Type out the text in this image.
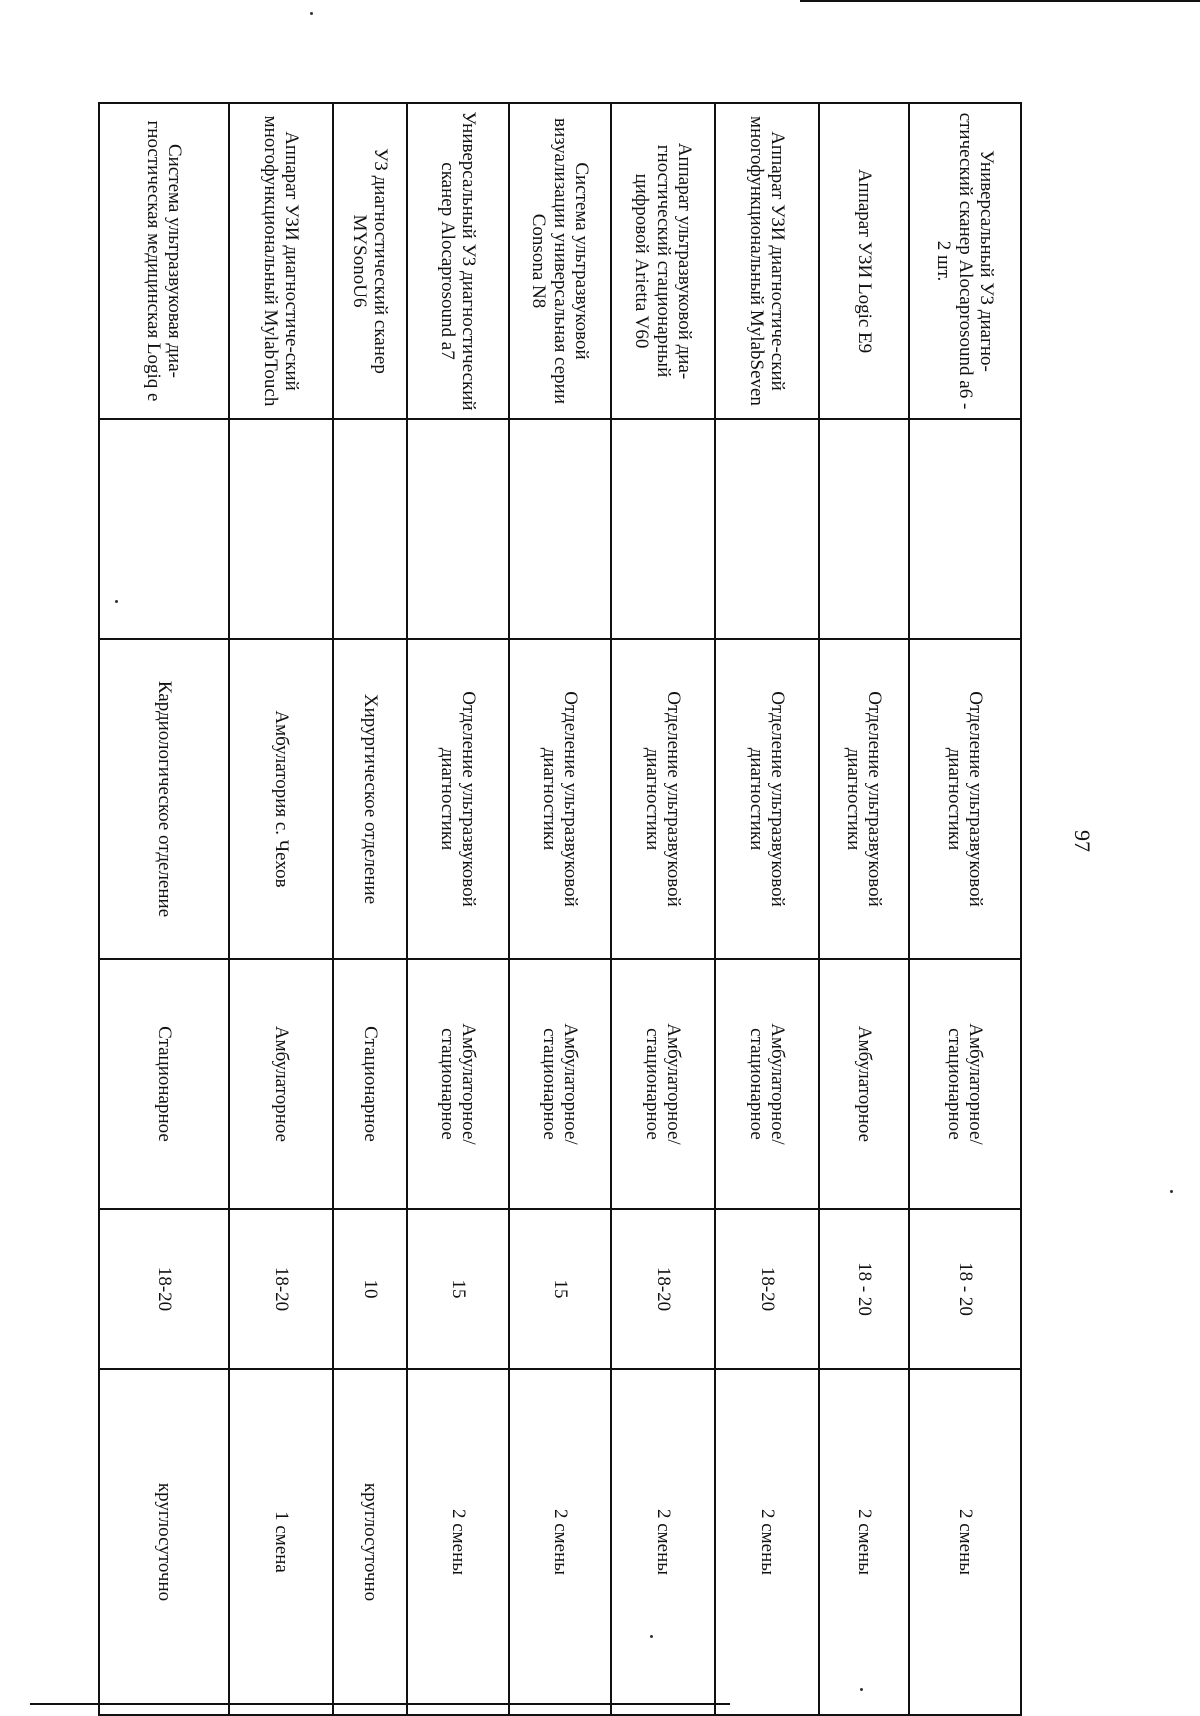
97
Универсальный УЗ диагно-стический сканер Alocaprosound a6 - 2 шт.		Отделение ультразвуковой диагностики	Амбулаторное/ стационарное	18 - 20	2 смены
Аппарат УЗИ Logic E9		Отделение ультразвуковой диагностики	Амбулаторное	18 - 20	2 смены
Аппарат УЗИ диагностиче-ский многофункциональный MylabSeven		Отделение ультразвуковой диагностики	Амбулаторное/ стационарное	18-20	2 смены
Аппарат ультразвуковой диа-гностический стационарный цифровой Arietta V60		Отделение ультразвуковой диагностики	Амбулаторное/ стационарное	18-20	2 смены
Система ультразвуковой визуализации универсальная серии Consona N8		Отделение ультразвуковой диагностики	Амбулаторное/ стационарное	15	2 смены
Универсальный УЗ диагностический сканер Alocaprosound a7		Отделение ультразвуковой диагностики	Амбулаторное/ стационарное	15	2 смены
УЗ диагностический сканер MYSonoU6		Хирургическое отделение	Стационарное	10	круглосуточно
Аппарат УЗИ диагностиче-ский многофункциональный MylabTouch		Амбулатория с. Чехов	Амбулаторное	18-20	1 смена
Система ультразвуковая диа-гностическая медицинская Logiq e		Кардиологическое отделение	Стационарное	18-20	круглосуточно
